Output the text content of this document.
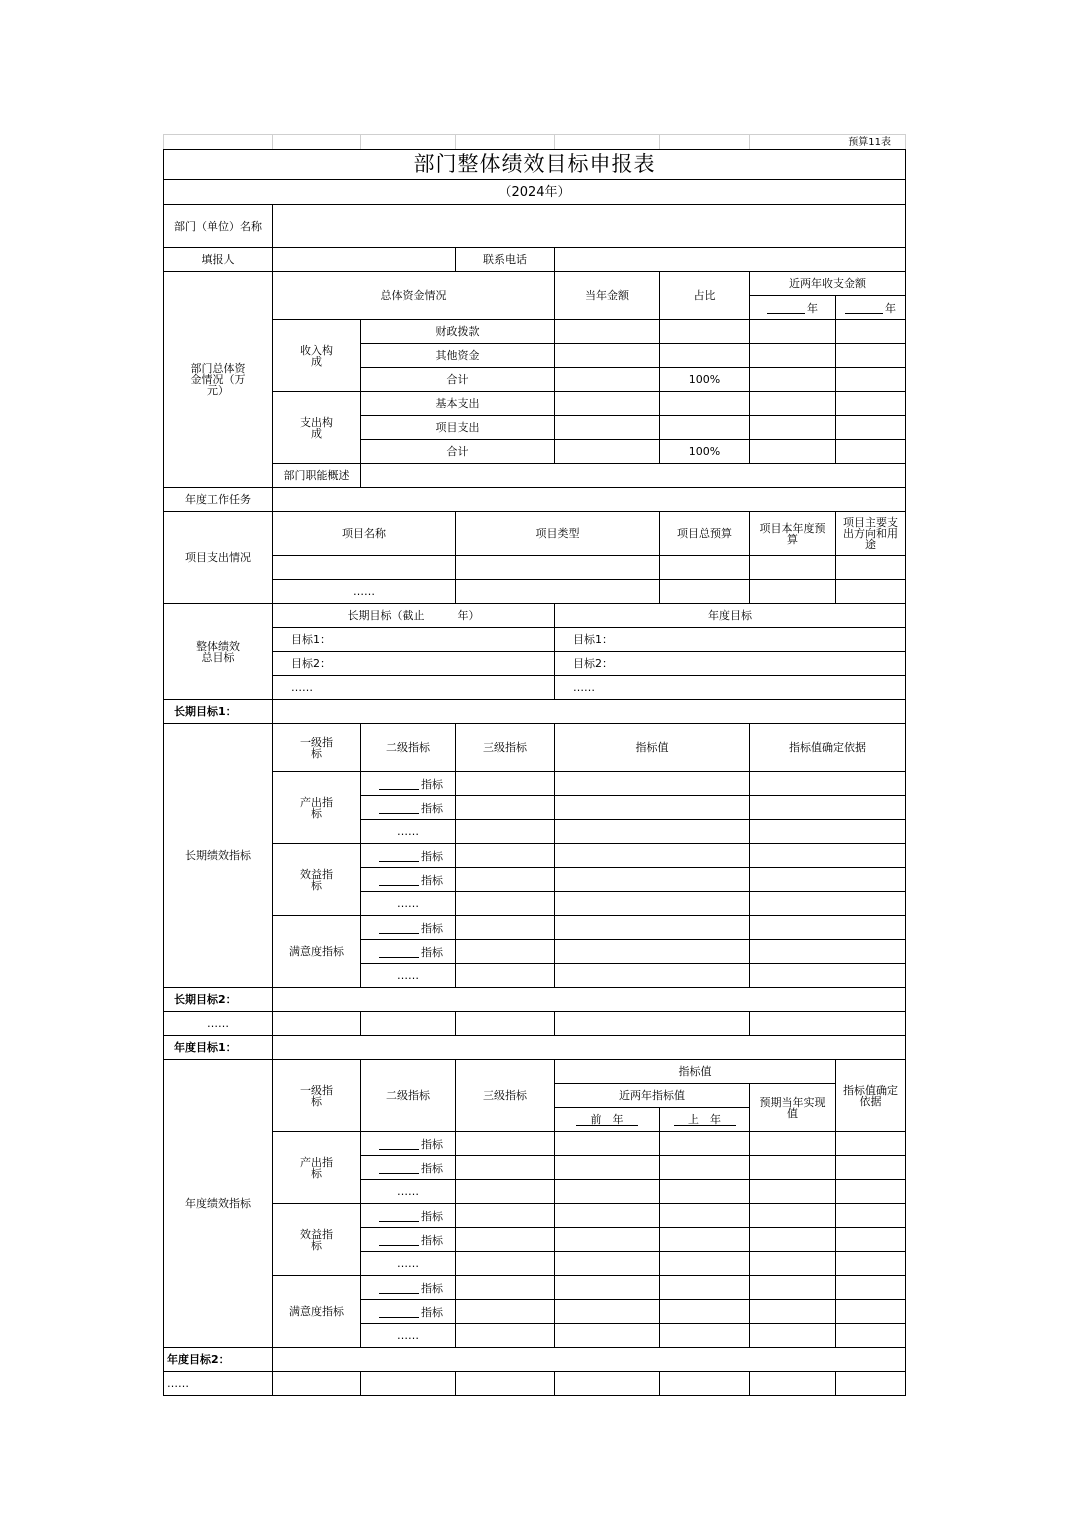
						预算11表	

部门整体绩效目标申报表							
（2024年）							
部门（单位）名称							
填报人			联系电话				
部门总体资金情况（万元）	总体资金情况			当年金额	占比	近两年收支金额	
						年	年
	收入构成	财政拨款					
		其他资金					
		合计			100%		
	支出构成	基本支出					
		项目支出					
		合计			100%		
	部门职能概述						
年度工作任务							
项目支出情况	项目名称		项目类型		项目总预算	项目本年度预算	项目主要支出方向和用途

	……						
整体绩效总目标	长期目标（截止　　　年）			年度目标			
	目标1：			目标1：			
	目标2：			目标2：			
	……			……			
长期目标1：							
长期绩效指标	一级指标	二级指标	三级指标	指标值		指标值确定依据	
	产出指标	指标					
		指标					
		……					
	效益指标	指标					
		指标					
		……					
	满意度指标	指标					
		指标					
		……					
长期目标2：							
……							
年度目标1：							
年度绩效指标	一级指标	二级指标	三级指标	指标值			指标值确定依据
				近两年指标值		预期当年实现值	
				前　 年	上　 年		
	产出指标	指标					
		指标					
		……					
	效益指标	指标					
		指标					
		……					
	满意度指标	指标					
		指标					
		……					
年度目标2：							
……							
